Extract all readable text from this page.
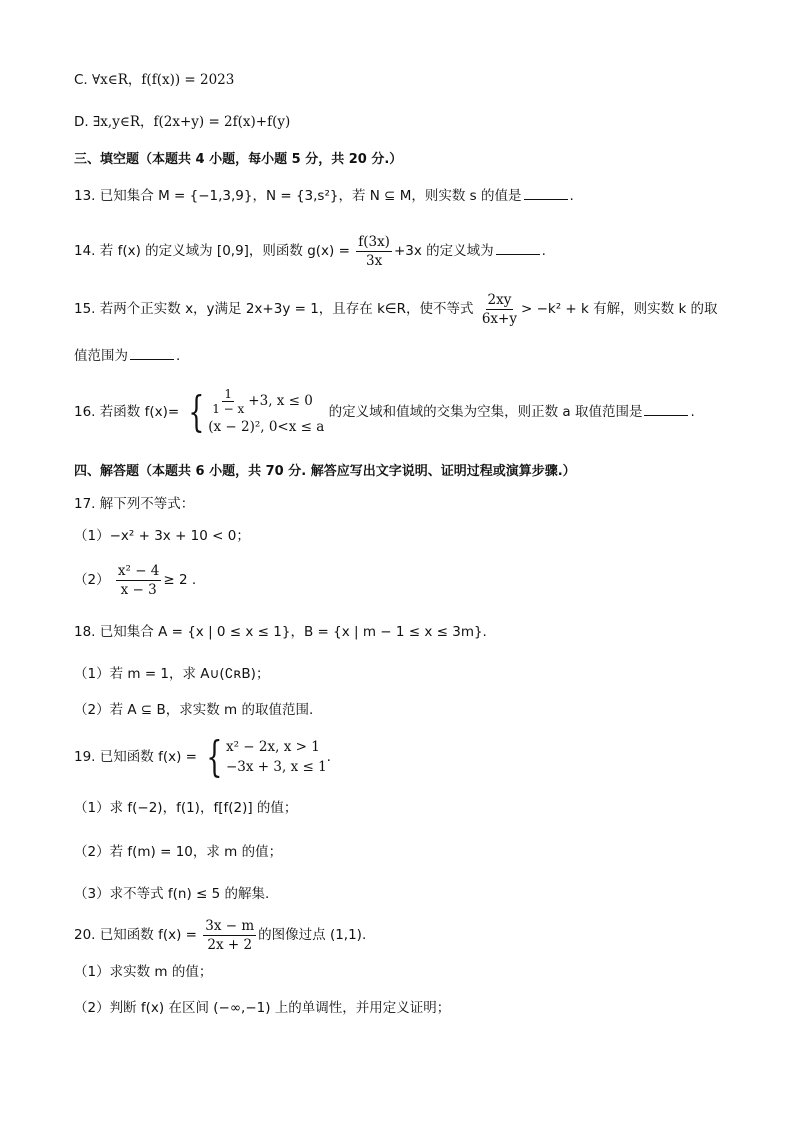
C. ∀x∈R，f(f(x)) = 2023
D. ∃x,y∈R，f(2x+y) = 2f(x)+f(y)
三、填空题（本题共 4 小题，每小题 5 分，共 20 分.）
13. 已知集合 M = {−1,3,9}，N = {3,s²}，若 N ⊆ M，则实数 s 的值是	.
14. 若 f(x) 的定义域为 [0,9]，则函数 $g(x) = \frac{f(3x)}{3x} +3x$ 的定义域为	.
15. 若两个正实数 x，y满足 2x+3y = 1，且存在 k∈R，使不等式 $\frac{2xy}{6x+y} > -k^2 + k$ 有解，则实数 k 的取
值范围为	.
16. 若函数 f(x)= { $\frac{1}{1 - x} +3$, x ≤ 0
(x − 2)², 0<x ≤ a
的定义域和值域的交集为空集，则正数 a 取值范围是	.
四、解答题（本题共 6 小题，共 70 分. 解答应写出文字说明、证明过程或演算步骤.）
17. 解下列不等式：
（1）−x² + 3x + 10 < 0；
$(2) \frac{\text{x² − 4}}{x - 3} \ge 2$ .
18. 已知集合 A = {x | 0 ≤ x ≤ 1}，B = {x | m − 1 ≤ x ≤ 3m}.
（1）若 m = 1，求 A∪(∁ʀB)；
（2）若 A ⊆ B，求实数 m 的取值范围.
19. 已知函数 f(x) = { x² − 2x, x > 1
−3x + 3, x ≤ 1
.
（1）求 f(−2)，f(1)，f[f(2)] 的值；
（2）若 f(m) = 10，求 m 的值；
（3）求不等式 f(n) ≤ 5 的解集.
20. 已知函数 $f(x) = \frac{3x - m}{2x + 2}$ 的图像过点 (1,1).
（1）求实数 m 的值；
（2）判断 f(x) 在区间 (−∞,−1) 上的单调性，并用定义证明；
